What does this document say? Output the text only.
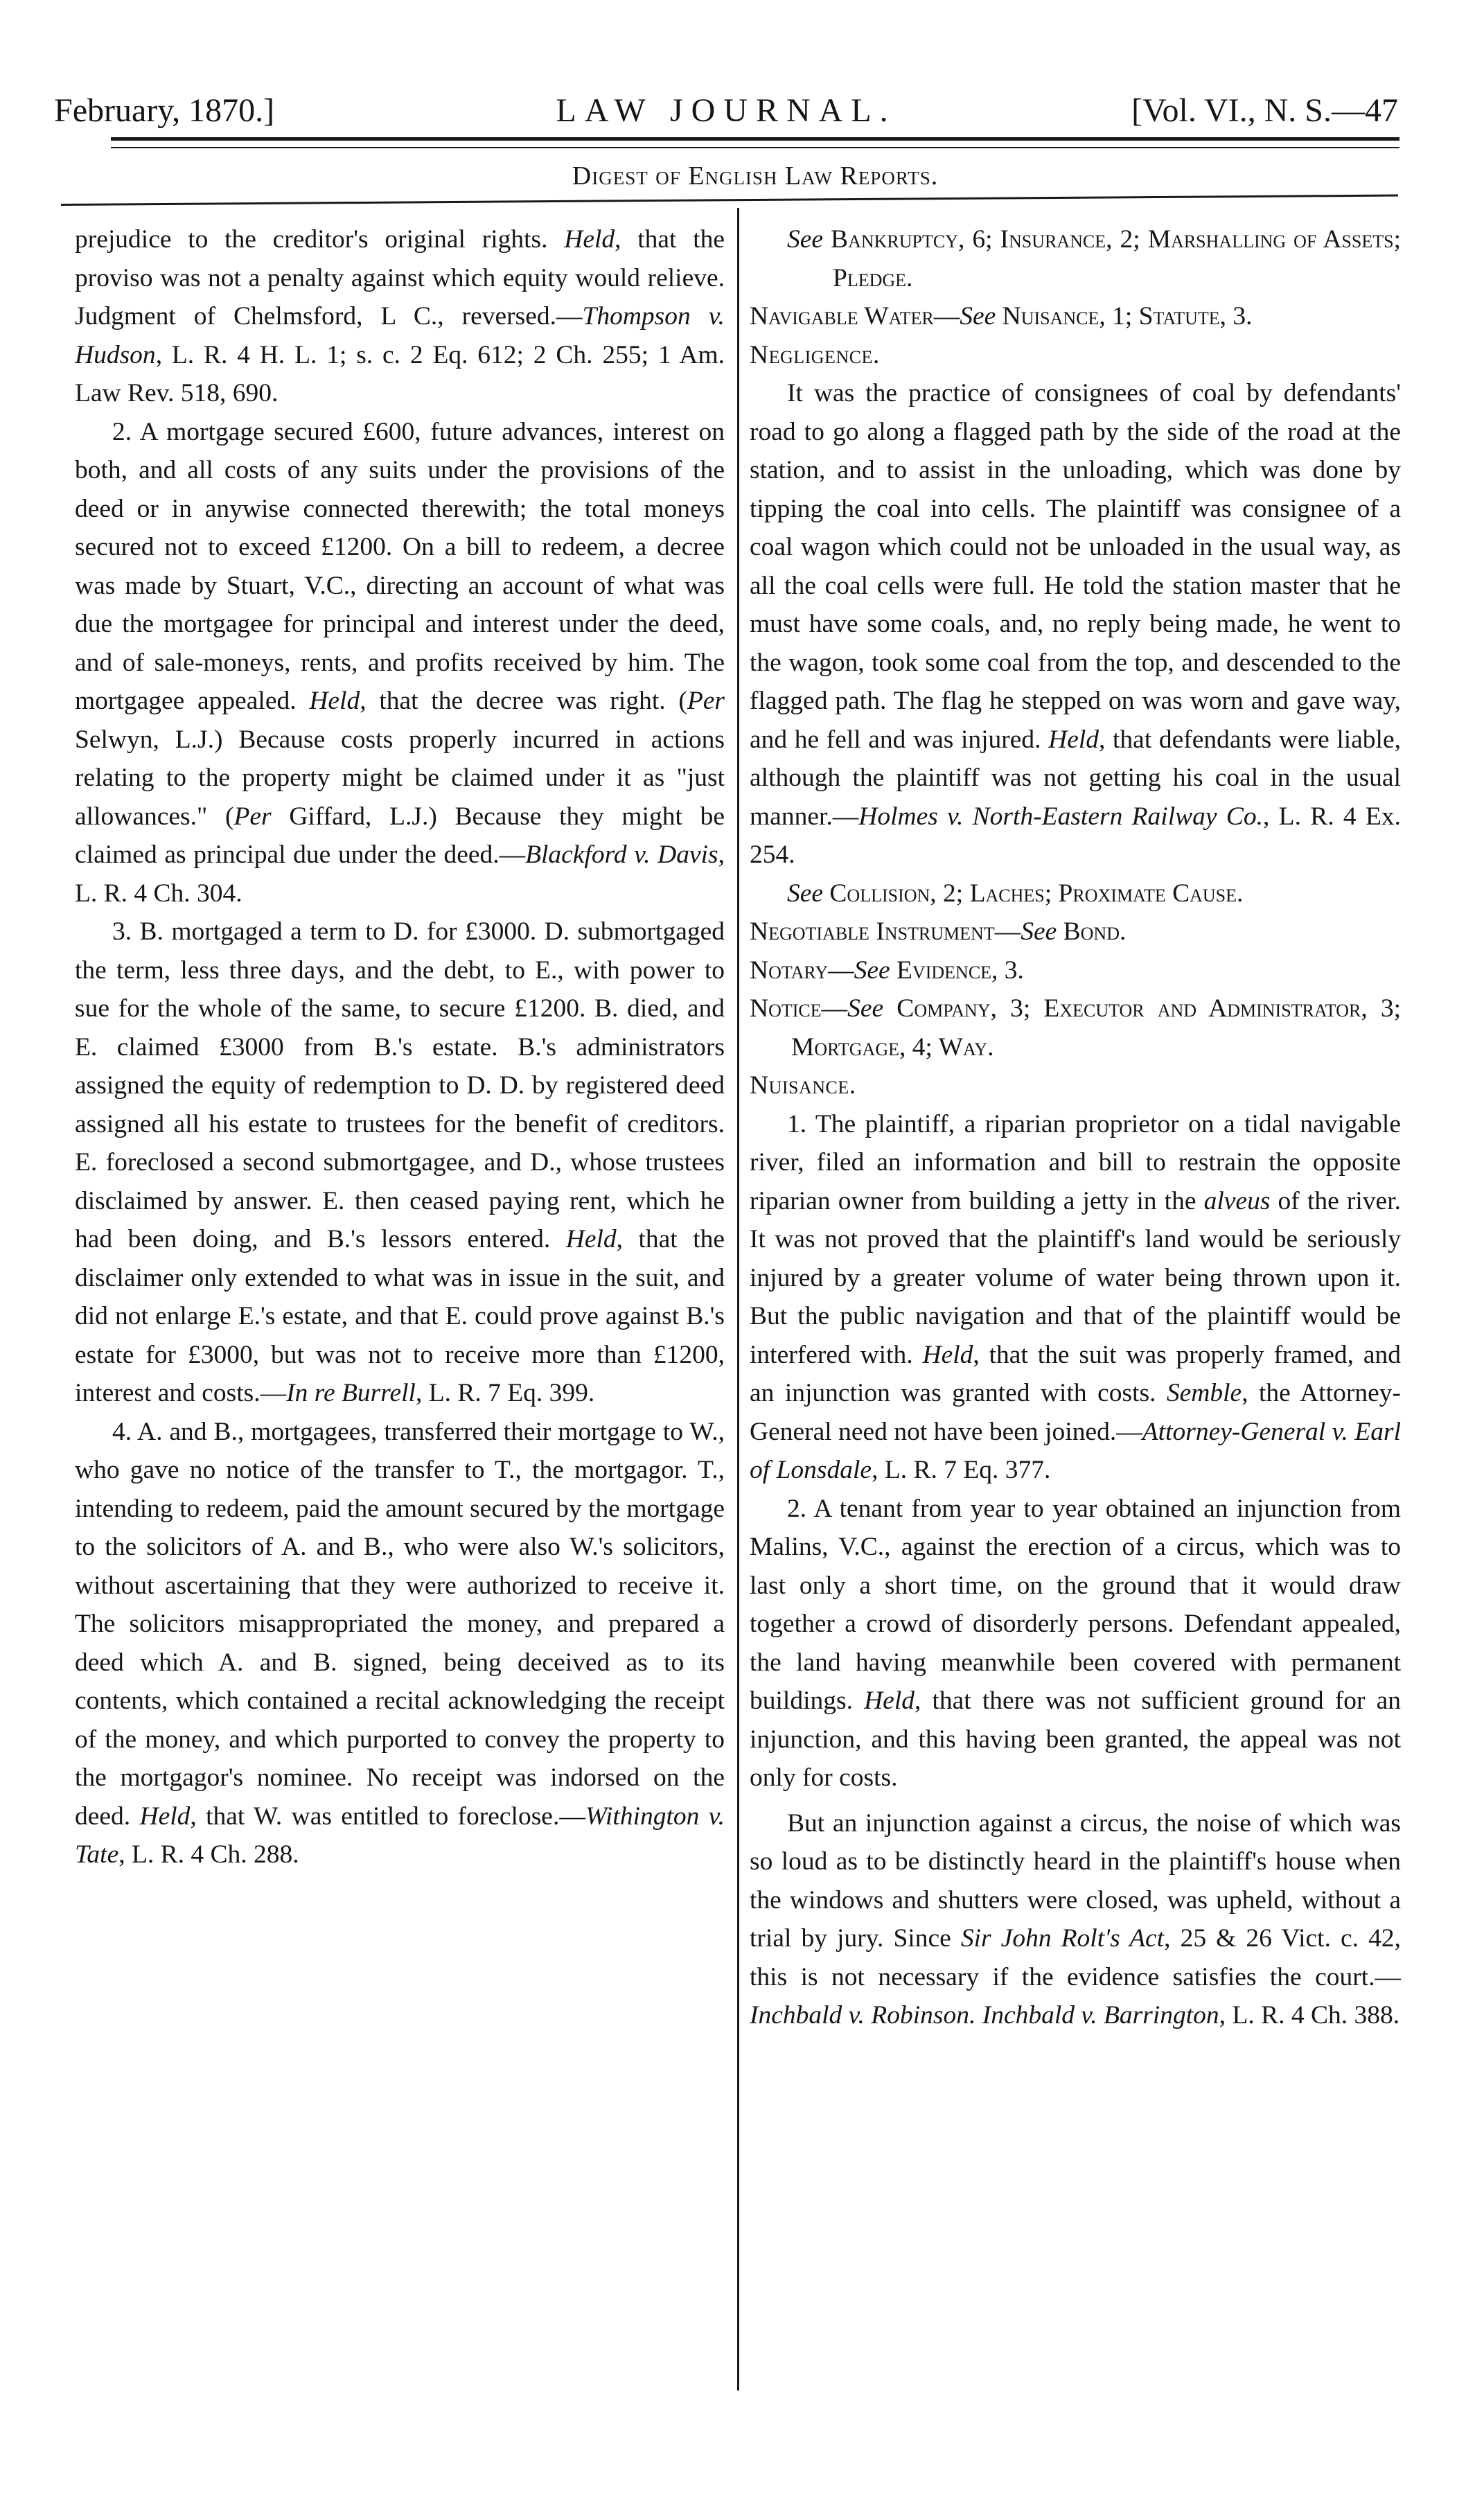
February, 1870.]	LAW JOURNAL.	[Vol. VI., N. S.—47
Digest of English Law Reports.

prejudice to the creditor's original rights. Held, that the proviso was not a penalty against which equity would relieve. Judgment of Chelmsford, L C., reversed.—Thompson v. Hudson, L. R. 4 H. L. 1; s. c. 2 Eq. 612; 2 Ch. 255; 1 Am. Law Rev. 518, 690.

2. A mortgage secured £600, future advances, interest on both, and all costs of any suits under the provisions of the deed or in anywise connected therewith; the total moneys secured not to exceed £1200. On a bill to redeem, a decree was made by Stuart, V.C., directing an account of what was due the mortgagee for principal and interest under the deed, and of sale-moneys, rents, and profits received by him. The mortgagee appealed. Held, that the decree was right. (Per Selwyn, L.J.) Because costs properly incurred in actions relating to the property might be claimed under it as "just allowances." (Per Giffard, L.J.) Because they might be claimed as principal due under the deed.—Blackford v. Davis, L. R. 4 Ch. 304.

3. B. mortgaged a term to D. for £3000. D. submortgaged the term, less three days, and the debt, to E., with power to sue for the whole of the same, to secure £1200. B. died, and E. claimed £3000 from B.'s estate. B.'s administrators assigned the equity of redemption to D. D. by registered deed assigned all his estate to trustees for the benefit of creditors. E. foreclosed a second submortgagee, and D., whose trustees disclaimed by answer. E. then ceased paying rent, which he had been doing, and B.'s lessors entered. Held, that the disclaimer only extended to what was in issue in the suit, and did not enlarge E.'s estate, and that E. could prove against B.'s estate for £3000, but was not to receive more than £1200, interest and costs.—In re Burrell, L. R. 7 Eq. 399.

4. A. and B., mortgagees, transferred their mortgage to W., who gave no notice of the transfer to T., the mortgagor. T., intending to redeem, paid the amount secured by the mortgage to the solicitors of A. and B., who were also W.'s solicitors, without ascertaining that they were authorized to receive it. The solicitors misappropriated the money, and prepared a deed which A. and B. signed, being deceived as to its contents, which contained a recital acknowledging the receipt of the money, and which purported to convey the property to the mortgagor's nominee. No receipt was indorsed on the deed. Held, that W. was entitled to foreclose.—Withington v. Tate, L. R. 4 Ch. 288.

See Bankruptcy, 6; Insurance, 2; Marshalling of Assets; Pledge.

Navigable Water—See Nuisance, 1; Statute, 3.

Negligence.

It was the practice of consignees of coal by defendants' road to go along a flagged path by the side of the road at the station, and to assist in the unloading, which was done by tipping the coal into cells. The plaintiff was consignee of a coal wagon which could not be unloaded in the usual way, as all the coal cells were full. He told the station master that he must have some coals, and, no reply being made, he went to the wagon, took some coal from the top, and descended to the flagged path. The flag he stepped on was worn and gave way, and he fell and was injured. Held, that defendants were liable, although the plaintiff was not getting his coal in the usual manner.—Holmes v. North-Eastern Railway Co., L. R. 4 Ex. 254.

See Collision, 2; Laches; Proximate Cause.

Negotiable Instrument—See Bond.

Notary—See Evidence, 3.

Notice—See Company, 3; Executor and Administrator, 3; Mortgage, 4; Way.

Nuisance.

1. The plaintiff, a riparian proprietor on a tidal navigable river, filed an information and bill to restrain the opposite riparian owner from building a jetty in the alveus of the river. It was not proved that the plaintiff's land would be seriously injured by a greater volume of water being thrown upon it. But the public navigation and that of the plaintiff would be interfered with. Held, that the suit was properly framed, and an injunction was granted with costs. Semble, the Attorney-General need not have been joined.—Attorney-General v. Earl of Lonsdale, L. R. 7 Eq. 377.

2. A tenant from year to year obtained an injunction from Malins, V.C., against the erection of a circus, which was to last only a short time, on the ground that it would draw together a crowd of disorderly persons. Defendant appealed, the land having meanwhile been covered with permanent buildings. Held, that there was not sufficient ground for an injunction, and this having been granted, the appeal was not only for costs.

But an injunction against a circus, the noise of which was so loud as to be distinctly heard in the plaintiff's house when the windows and shutters were closed, was upheld, without a trial by jury. Since Sir John Rolt's Act, 25 & 26 Vict. c. 42, this is not necessary if the evidence satisfies the court.—Inchbald v. Robinson. Inchbald v. Barrington, L. R. 4 Ch. 388.
